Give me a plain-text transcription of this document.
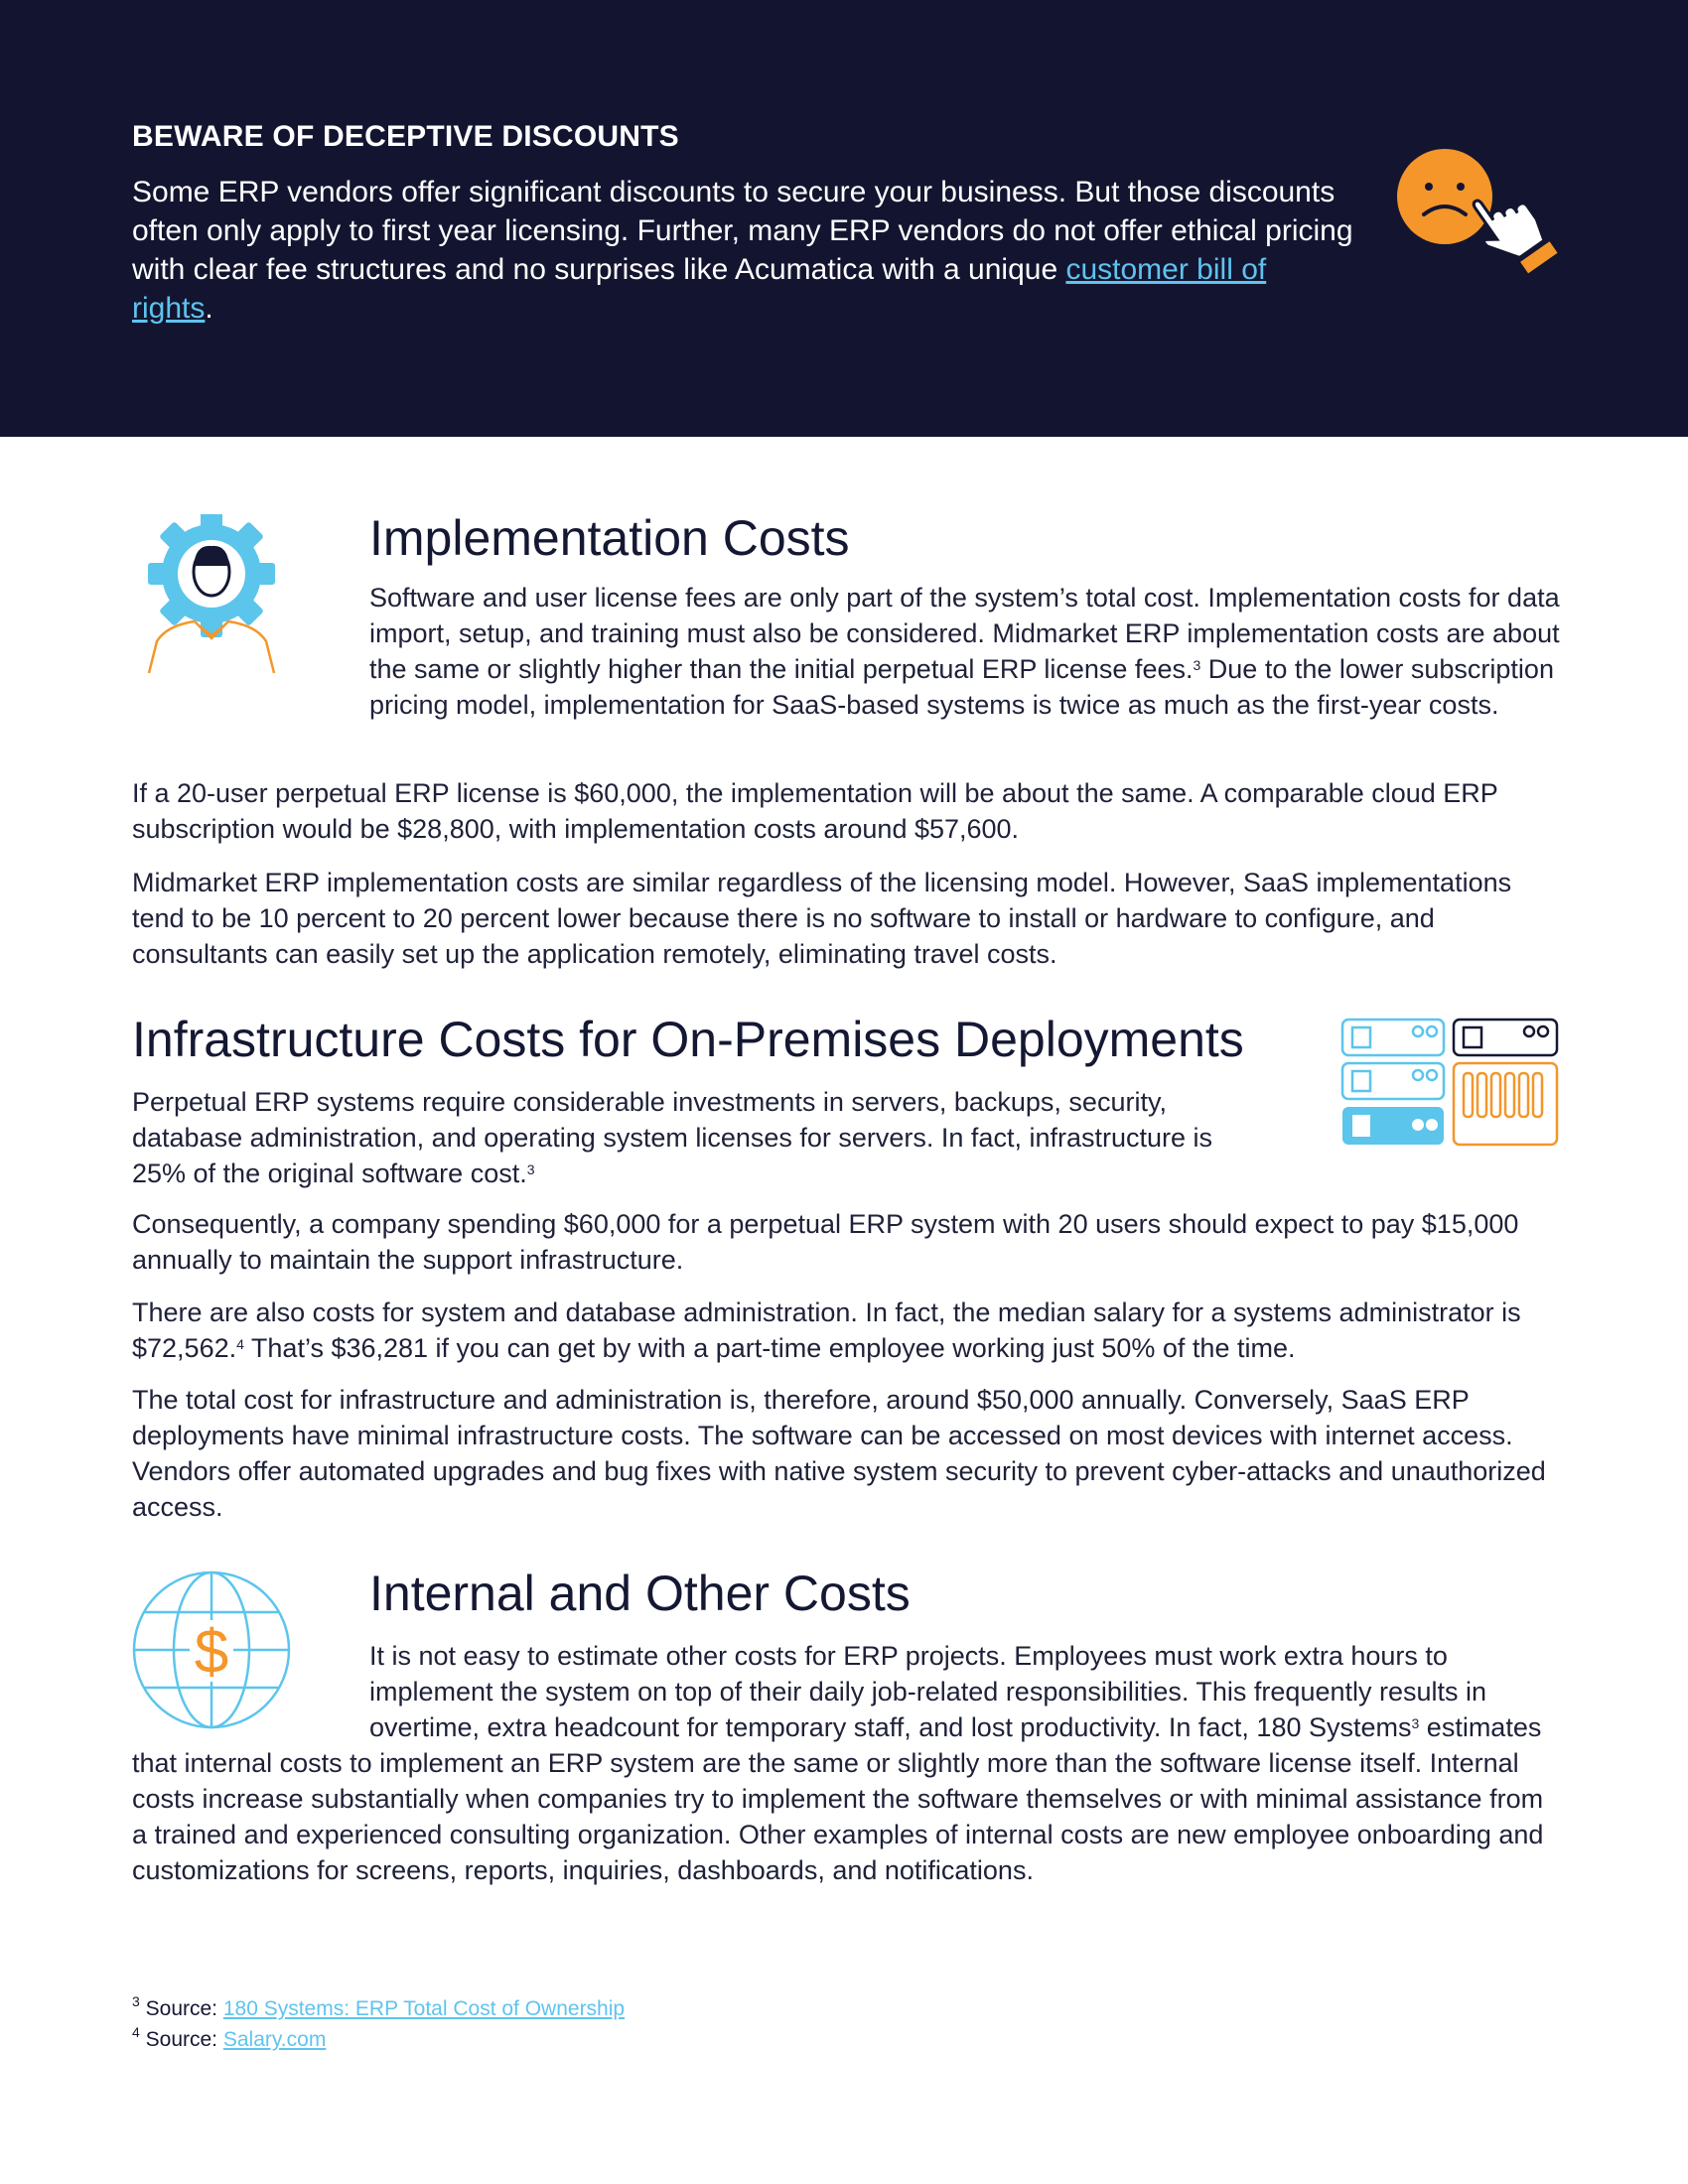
BEWARE OF DECEPTIVE DISCOUNTS

Some ERP vendors offer significant discounts to secure your business. But those discounts often only apply to first year licensing. Further, many ERP vendors do not offer ethical pricing with clear fee structures and no surprises like Acumatica with a unique customer bill of rights.

Implementation Costs

Software and user license fees are only part of the system’s total cost. Implementation costs for data import, setup, and training must also be considered. Midmarket ERP implementation costs are about the same or slightly higher than the initial perpetual ERP license fees.$^3$ Due to the lower subscription pricing model, implementation for SaaS-based systems is twice as much as the first-year costs.

If a 20-user perpetual ERP license is $60,000, the implementation will be about the same. A comparable cloud ERP subscription would be $28,800, with implementation costs around $57,600.

Midmarket ERP implementation costs are similar regardless of the licensing model. However, SaaS implementations tend to be 10 percent to 20 percent lower because there is no software to install or hardware to configure, and consultants can easily set up the application remotely, eliminating travel costs.

Infrastructure Costs for On-Premises Deployments

Perpetual ERP systems require considerable investments in servers, backups, security, database administration, and operating system licenses for servers. In fact, infrastructure is 25% of the original software cost.$^3$

Consequently, a company spending $60,000 for a perpetual ERP system with 20 users should expect to pay $15,000 annually to maintain the support infrastructure.

There are also costs for system and database administration. In fact, the median salary for a systems administrator is $72,562.$^4$ That’s $36,281 if you can get by with a part-time employee working just 50% of the time.

The total cost for infrastructure and administration is, therefore, around $50,000 annually. Conversely, SaaS ERP deployments have minimal infrastructure costs. The software can be accessed on most devices with internet access. Vendors offer automated upgrades and bug fixes with native system security to prevent cyber-attacks and unauthorized access.

$
Internal and Other Costs
It is not easy to estimate other costs for ERP projects. Employees must work extra hours to implement the system on top of their daily job-related responsibilities. This frequently results in overtime, extra headcount for temporary staff, and lost productivity. In fact, 180 Systems$^3$ estimates that internal costs to implement an ERP system are the same or slightly more than the software license itself. Internal costs increase substantially when companies try to implement the software themselves or with minimal assistance from a trained and experienced consulting organization. Other examples of internal costs are new employee onboarding and customizations for screens, reports, inquiries, dashboards, and notifications.
$^3$ Source: 180 Systems: ERP Total Cost of Ownership
$^4$ Source: Salary.com
